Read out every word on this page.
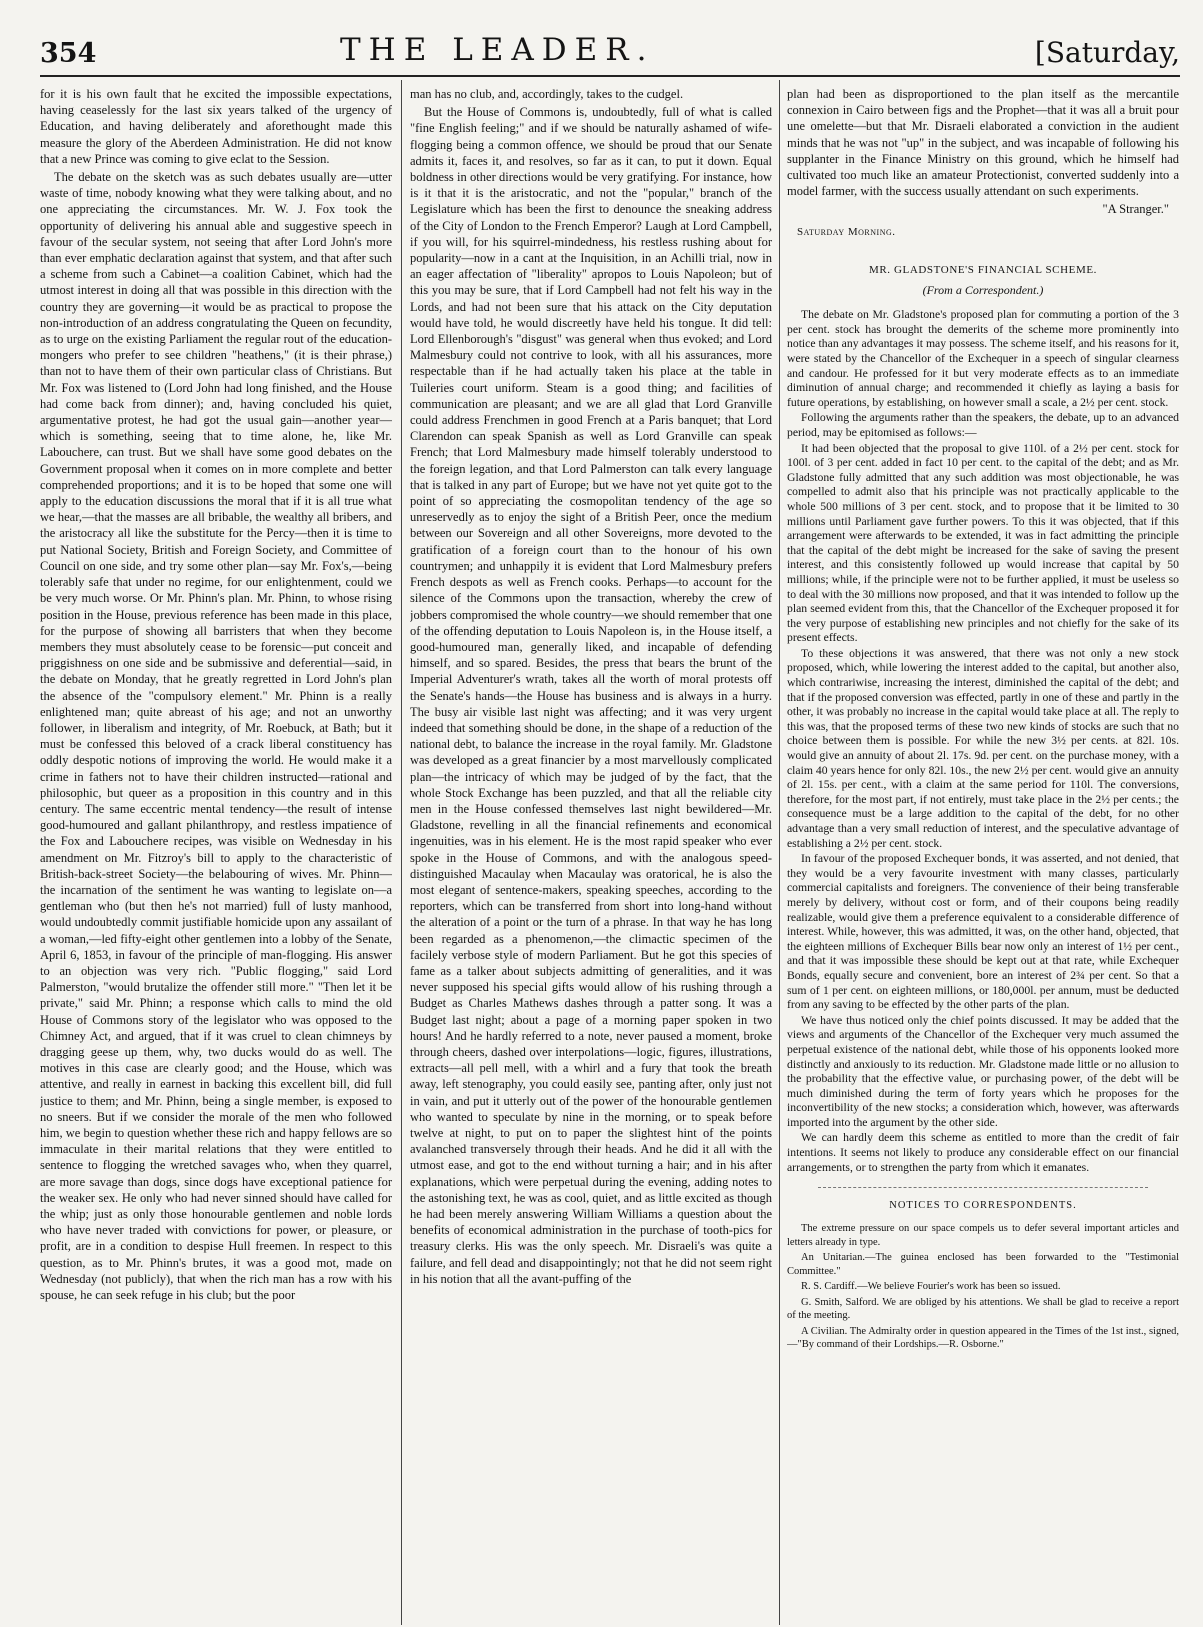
354	THE LEADER.	[Saturday,

for it is his own fault that he excited the impossible expectations, having ceaselessly for the last six years talked of the urgency of Education, and having deliberately and aforethought made this measure the glory of the Aberdeen Administration. He did not know that a new Prince was coming to give eclat to the Session.

The debate on the sketch was as such debates usually are—utter waste of time, nobody knowing what they were talking about, and no one appreciating the circumstances. Mr. W. J. Fox took the opportunity of delivering his annual able and suggestive speech in favour of the secular system, not seeing that after Lord John's more than ever emphatic declaration against that system, and that after such a scheme from such a Cabinet—a coalition Cabinet, which had the utmost interest in doing all that was possible in this direction with the country they are governing—it would be as practical to propose the non-introduction of an address congratulating the Queen on fecundity, as to urge on the existing Parliament the regular rout of the education-mongers who prefer to see children "heathens," (it is their phrase,) than not to have them of their own particular class of Christians. But Mr. Fox was listened to (Lord John had long finished, and the House had come back from dinner); and, having concluded his quiet, argumentative protest, he had got the usual gain—another year—which is something, seeing that to time alone, he, like Mr. Labouchere, can trust. But we shall have some good debates on the Government proposal when it comes on in more complete and better comprehended proportions; and it is to be hoped that some one will apply to the education discussions the moral that if it is all true what we hear,—that the masses are all bribable, the wealthy all bribers, and the aristocracy all like the substitute for the Percy—then it is time to put National Society, British and Foreign Society, and Committee of Council on one side, and try some other plan—say Mr. Fox's,—being tolerably safe that under no regime, for our enlightenment, could we be very much worse. Or Mr. Phinn's plan. Mr. Phinn, to whose rising position in the House, previous reference has been made in this place, for the purpose of showing all barristers that when they become members they must absolutely cease to be forensic—put conceit and priggishness on one side and be submissive and deferential—said, in the debate on Monday, that he greatly regretted in Lord John's plan the absence of the "compulsory element." Mr. Phinn is a really enlightened man; quite abreast of his age; and not an unworthy follower, in liberalism and integrity, of Mr. Roebuck, at Bath; but it must be confessed this beloved of a crack liberal constituency has oddly despotic notions of improving the world. He would make it a crime in fathers not to have their children instructed—rational and philosophic, but queer as a proposition in this country and in this century. The same eccentric mental tendency—the result of intense good-humoured and gallant philanthropy, and restless impatience of the Fox and Labouchere recipes, was visible on Wednesday in his amendment on Mr. Fitzroy's bill to apply to the characteristic of British-back-street Society—the belabouring of wives. Mr. Phinn—the incarnation of the sentiment he was wanting to legislate on—a gentleman who (but then he's not married) full of lusty manhood, would undoubtedly commit justifiable homicide upon any assailant of a woman,—led fifty-eight other gentlemen into a lobby of the Senate, April 6, 1853, in favour of the principle of man-flogging. His answer to an objection was very rich. "Public flogging," said Lord Palmerston, "would brutalize the offender still more." "Then let it be private," said Mr. Phinn; a response which calls to mind the old House of Commons story of the legislator who was opposed to the Chimney Act, and argued, that if it was cruel to clean chimneys by dragging geese up them, why, two ducks would do as well. The motives in this case are clearly good; and the House, which was attentive, and really in earnest in backing this excellent bill, did full justice to them; and Mr. Phinn, being a single member, is exposed to no sneers. But if we consider the morale of the men who followed him, we begin to question whether these rich and happy fellows are so immaculate in their marital relations that they were entitled to sentence to flogging the wretched savages who, when they quarrel, are more savage than dogs, since dogs have exceptional patience for the weaker sex. He only who had never sinned should have called for the whip; just as only those honourable gentlemen and noble lords who have never traded with convictions for power, or pleasure, or profit, are in a condition to despise Hull freemen. In respect to this question, as to Mr. Phinn's brutes, it was a good mot, made on Wednesday (not publicly), that when the rich man has a row with his spouse, he can seek refuge in his club; but the poor

man has no club, and, accordingly, takes to the cudgel.

But the House of Commons is, undoubtedly, full of what is called "fine English feeling;" and if we should be naturally ashamed of wife-flogging being a common offence, we should be proud that our Senate admits it, faces it, and resolves, so far as it can, to put it down. Equal boldness in other directions would be very gratifying. For instance, how is it that it is the aristocratic, and not the "popular," branch of the Legislature which has been the first to denounce the sneaking address of the City of London to the French Emperor? Laugh at Lord Campbell, if you will, for his squirrel-mindedness, his restless rushing about for popularity—now in a cant at the Inquisition, in an Achilli trial, now in an eager affectation of "liberality" apropos to Louis Napoleon; but of this you may be sure, that if Lord Campbell had not felt his way in the Lords, and had not been sure that his attack on the City deputation would have told, he would discreetly have held his tongue. It did tell: Lord Ellenborough's "disgust" was general when thus evoked; and Lord Malmesbury could not contrive to look, with all his assurances, more respectable than if he had actually taken his place at the table in Tuileries court uniform. Steam is a good thing; and facilities of communication are pleasant; and we are all glad that Lord Granville could address Frenchmen in good French at a Paris banquet; that Lord Clarendon can speak Spanish as well as Lord Granville can speak French; that Lord Malmesbury made himself tolerably understood to the foreign legation, and that Lord Palmerston can talk every language that is talked in any part of Europe; but we have not yet quite got to the point of so appreciating the cosmopolitan tendency of the age so unreservedly as to enjoy the sight of a British Peer, once the medium between our Sovereign and all other Sovereigns, more devoted to the gratification of a foreign court than to the honour of his own countrymen; and unhappily it is evident that Lord Malmesbury prefers French despots as well as French cooks. Perhaps—to account for the silence of the Commons upon the transaction, whereby the crew of jobbers compromised the whole country—we should remember that one of the offending deputation to Louis Napoleon is, in the House itself, a good-humoured man, generally liked, and incapable of defending himself, and so spared. Besides, the press that bears the brunt of the Imperial Adventurer's wrath, takes all the worth of moral protests off the Senate's hands—the House has business and is always in a hurry. The busy air visible last night was affecting; and it was very urgent indeed that something should be done, in the shape of a reduction of the national debt, to balance the increase in the royal family. Mr. Gladstone was developed as a great financier by a most marvellously complicated plan—the intricacy of which may be judged of by the fact, that the whole Stock Exchange has been puzzled, and that all the reliable city men in the House confessed themselves last night bewildered—Mr. Gladstone, revelling in all the financial refinements and economical ingenuities, was in his element. He is the most rapid speaker who ever spoke in the House of Commons, and with the analogous speed-distinguished Macaulay when Macaulay was oratorical, he is also the most elegant of sentence-makers, speaking speeches, according to the reporters, which can be transferred from short into long-hand without the alteration of a point or the turn of a phrase. In that way he has long been regarded as a phenomenon,—the climactic specimen of the facilely verbose style of modern Parliament. But he got this species of fame as a talker about subjects admitting of generalities, and it was never supposed his special gifts would allow of his rushing through a Budget as Charles Mathews dashes through a patter song. It was a Budget last night; about a page of a morning paper spoken in two hours! And he hardly referred to a note, never paused a moment, broke through cheers, dashed over interpolations—logic, figures, illustrations, extracts—all pell mell, with a whirl and a fury that took the breath away, left stenography, you could easily see, panting after, only just not in vain, and put it utterly out of the power of the honourable gentlemen who wanted to speculate by nine in the morning, or to speak before twelve at night, to put on to paper the slightest hint of the points avalanched transversely through their heads. And he did it all with the utmost ease, and got to the end without turning a hair; and in his after explanations, which were perpetual during the evening, adding notes to the astonishing text, he was as cool, quiet, and as little excited as though he had been merely answering William Williams a question about the benefits of economical administration in the purchase of tooth-pics for treasury clerks. His was the only speech. Mr. Disraeli's was quite a failure, and fell dead and disappointingly; not that he did not seem right in his notion that all the avant-puffing of the

plan had been as disproportioned to the plan itself as the mercantile connexion in Cairo between figs and the Prophet—that it was all a bruit pour une omelette—but that Mr. Disraeli elaborated a conviction in the audient minds that he was not "up" in the subject, and was incapable of following his supplanter in the Finance Ministry on this ground, which he himself had cultivated too much like an amateur Protectionist, converted suddenly into a model farmer, with the success usually attendant on such experiments.

"A Stranger."
Saturday Morning.
MR. GLADSTONE'S FINANCIAL SCHEME.
(From a Correspondent.)

The debate on Mr. Gladstone's proposed plan for commuting a portion of the 3 per cent. stock has brought the demerits of the scheme more prominently into notice than any advantages it may possess. The scheme itself, and his reasons for it, were stated by the Chancellor of the Exchequer in a speech of singular clearness and candour. He professed for it but very moderate effects as to an immediate diminution of annual charge; and recommended it chiefly as laying a basis for future operations, by establishing, on however small a scale, a 2½ per cent. stock.

Following the arguments rather than the speakers, the debate, up to an advanced period, may be epitomised as follows:—

It had been objected that the proposal to give 110l. of a 2½ per cent. stock for 100l. of 3 per cent. added in fact 10 per cent. to the capital of the debt; and as Mr. Gladstone fully admitted that any such addition was most objectionable, he was compelled to admit also that his principle was not practically applicable to the whole 500 millions of 3 per cent. stock, and to propose that it be limited to 30 millions until Parliament gave further powers. To this it was objected, that if this arrangement were afterwards to be extended, it was in fact admitting the principle that the capital of the debt might be increased for the sake of saving the present interest, and this consistently followed up would increase that capital by 50 millions; while, if the principle were not to be further applied, it must be useless so to deal with the 30 millions now proposed, and that it was intended to follow up the plan seemed evident from this, that the Chancellor of the Exchequer proposed it for the very purpose of establishing new principles and not chiefly for the sake of its present effects.

To these objections it was answered, that there was not only a new stock proposed, which, while lowering the interest added to the capital, but another also, which contrariwise, increasing the interest, diminished the capital of the debt; and that if the proposed conversion was effected, partly in one of these and partly in the other, it was probably no increase in the capital would take place at all. The reply to this was, that the proposed terms of these two new kinds of stocks are such that no choice between them is possible. For while the new 3½ per cents. at 82l. 10s. would give an annuity of about 2l. 17s. 9d. per cent. on the purchase money, with a claim 40 years hence for only 82l. 10s., the new 2½ per cent. would give an annuity of 2l. 15s. per cent., with a claim at the same period for 110l. The conversions, therefore, for the most part, if not entirely, must take place in the 2½ per cents.; the consequence must be a large addition to the capital of the debt, for no other advantage than a very small reduction of interest, and the speculative advantage of establishing a 2½ per cent. stock.

In favour of the proposed Exchequer bonds, it was asserted, and not denied, that they would be a very favourite investment with many classes, particularly commercial capitalists and foreigners. The convenience of their being transferable merely by delivery, without cost or form, and of their coupons being readily realizable, would give them a preference equivalent to a considerable difference of interest. While, however, this was admitted, it was, on the other hand, objected, that the eighteen millions of Exchequer Bills bear now only an interest of 1½ per cent., and that it was impossible these should be kept out at that rate, while Exchequer Bonds, equally secure and convenient, bore an interest of 2¾ per cent. So that a sum of 1 per cent. on eighteen millions, or 180,000l. per annum, must be deducted from any saving to be effected by the other parts of the plan.

We have thus noticed only the chief points discussed. It may be added that the views and arguments of the Chancellor of the Exchequer very much assumed the perpetual existence of the national debt, while those of his opponents looked more distinctly and anxiously to its reduction. Mr. Gladstone made little or no allusion to the probability that the effective value, or purchasing power, of the debt will be much diminished during the term of forty years which he proposes for the inconvertibility of the new stocks; a consideration which, however, was afterwards imported into the argument by the other side.

We can hardly deem this scheme as entitled to more than the credit of fair intentions. It seems not likely to produce any considerable effect on our financial arrangements, or to strengthen the party from which it emanates.

NOTICES TO CORRESPONDENTS.

The extreme pressure on our space compels us to defer several important articles and letters already in type.

An Unitarian.—The guinea enclosed has been forwarded to the "Testimonial Committee."

R. S. Cardiff.—We believe Fourier's work has been so issued.

G. Smith, Salford. We are obliged by his attentions. We shall be glad to receive a report of the meeting.

A Civilian. The Admiralty order in question appeared in the Times of the 1st inst., signed,—"By command of their Lordships.—R. Osborne."
